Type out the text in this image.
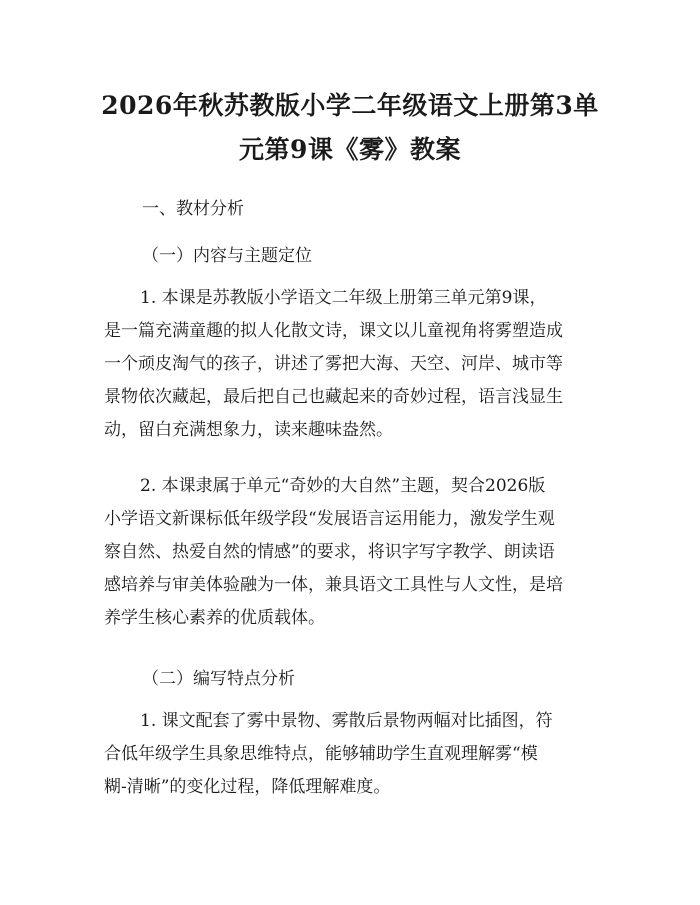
2026年秋苏教版小学二年级语文上册第3单
元第9课《雾》教案

一、教材分析

（一）内容与主题定位

1. 本课是苏教版小学语文二年级上册第三单元第9课，
是一篇充满童趣的拟人化散文诗，课文以儿童视角将雾塑造成
一个顽皮淘气的孩子，讲述了雾把大海、天空、河岸、城市等
景物依次藏起，最后把自己也藏起来的奇妙过程，语言浅显生
动，留白充满想象力，读来趣味盎然。
2. 本课隶属于单元“奇妙的大自然”主题，契合2026版
小学语文新课标低年级学段“发展语言运用能力，激发学生观
察自然、热爱自然的情感”的要求，将识字写字教学、朗读语
感培养与审美体验融为一体，兼具语文工具性与人文性，是培
养学生核心素养的优质载体。

（二）编写特点分析

1. 课文配套了雾中景物、雾散后景物两幅对比插图，符
合低年级学生具象思维特点，能够辅助学生直观理解雾“模
糊-清晰”的变化过程，降低理解难度。
